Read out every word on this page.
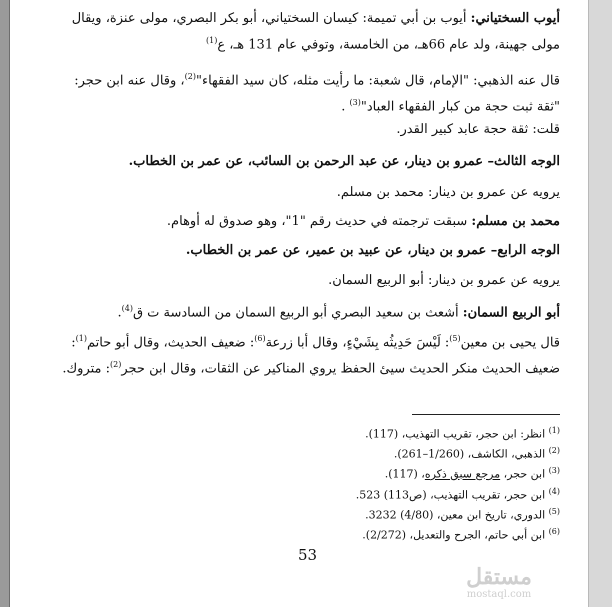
أيوب السختياني: أيوب بن أبي تميمة: كيسان السختياني، أبو بكر البصري، مولى عنزة، ويقال مولى جهينة، ولد عام 66هـ، من الخامسة، وتوفي عام 131 هـ، ع$^{(1)}$

قال عنه الذهبي: "الإمام، قال شعبة: ما رأيت مثله، كان سيد الفقهاء"$^{(2)}$، وقال عنه ابن حجر: "ثقة ثبت حجة من كبار الفقهاء العباد"$^{(3)}$ .

قلت: ثقة حجة عابد كبير القدر.

الوجه الثالث– عمرو بن دينار، عن عبد الرحمن بن السائب، عن عمر بن الخطاب.

يرويه عن عمرو بن دينار: محمد بن مسلم.

محمد بن مسلم: سبقت ترجمته في حديث رقم "1"، وهو صدوق له أوهام.

الوجه الرابع– عمرو بن دينار، عن عبيد بن عمير، عن عمر بن الخطاب.

يرويه عن عمرو بن دينار: أبو الربيع السمان.

أبو الربيع السمان: أشعث بن سعيد البصري أبو الربيع السمان من السادسة ت ق$^{(4)}$.

قال يحيى بن معين$^{(5)}$: لَيْسَ حَدِيثُه بِشَيْءٍ، وقال أبا زرعة$^{(6)}$: ضعيف الحديث، وقال أبو حاتم$^{(1)}$: ضعيف الحديث منكر الحديث سيئ الحفظ يروي المناكير عن الثقات، وقال ابن حجر$^{(2)}$: متروك.

$^{(1)}$ انظر: ابن حجر، تقريب التهذيب، (117).

$^{(2)}$ الذهبي، الكاشف، (1/260–261).

$^{(3)}$ ابن حجر، مرجع سبق ذكره، (117).

$^{(4)}$ ابن حجر، تقريب التهذيب، (ص113) 523.

$^{(5)}$ الدوري، تاريخ ابن معين، (4/80) 3232.

$^{(6)}$ ابن أبي حاتم، الجرح والتعديل، (2/272).

53
مستقل
mostaql.com
